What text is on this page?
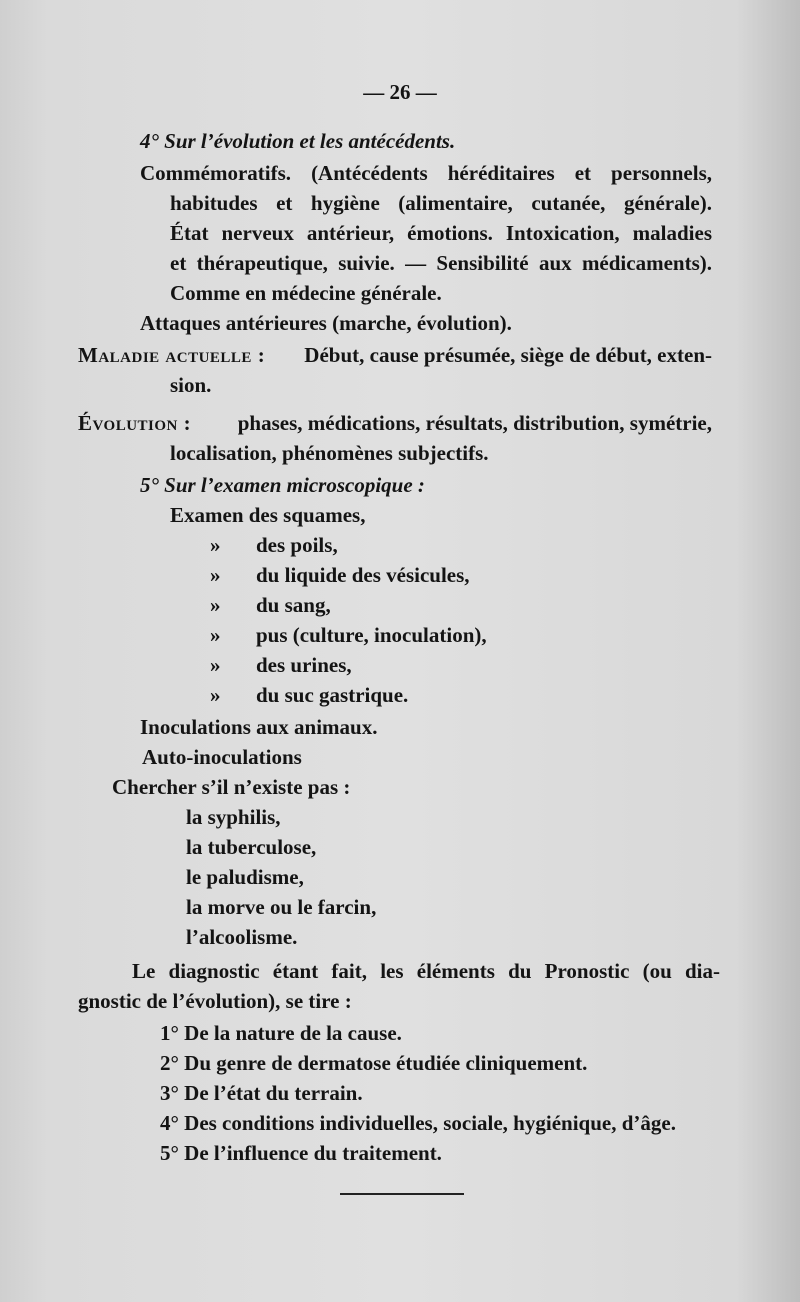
— 26 —
4° Sur l’évolution et les antécédents.
Commémoratifs. (Antécédents héréditaires et personnels,
habitudes et hygiène (alimentaire, cutanée, générale).
État nerveux antérieur, émotions. Intoxication, maladies
et thérapeutique, suivie. — Sensibilité aux médicaments).
Comme en médecine générale.
Attaques antérieures (marche, évolution).
Maladie actuelle : Début, cause présumée, siège de début, exten-
sion.
Évolution : phases, médications, résultats, distribution, symétrie,
localisation, phénomènes subjectifs.
5° Sur l’examen microscopique :
Examen des squames,
» des poils,
» du liquide des vésicules,
» du sang,
» pus (culture, inoculation),
» des urines,
» du suc gastrique.
Inoculations aux animaux.
Auto-inoculations
Chercher s’il n’existe pas :
la syphilis,
la tuberculose,
le paludisme,
la morve ou le farcin,
l’alcoolisme.
Le diagnostic étant fait, les éléments du Pronostic (ou dia-
gnostic de l’évolution), se tire :
1° De la nature de la cause.
2° Du genre de dermatose étudiée cliniquement.
3° De l’état du terrain.
4° Des conditions individuelles, sociale, hygiénique, d’âge.
5° De l’influence du traitement.
